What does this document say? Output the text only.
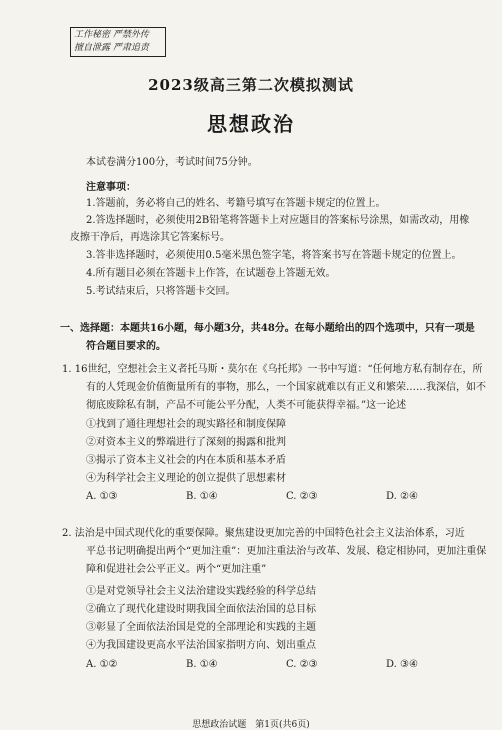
工作秘密 严禁外传
擅自泄露 严肃追责
2023级高三第二次模拟测试
思想政治
本试卷满分100分，考试时间75分钟。
注意事项：
1.答题前，务必将自己的姓名、考籍号填写在答题卡规定的位置上。
2.答选择题时，必须使用2B铅笔将答题卡上对应题目的答案标号涂黑，如需改动，用橡
皮擦干净后，再选涂其它答案标号。
3.答非选择题时，必须使用0.5毫米黑色签字笔，将答案书写在答题卡规定的位置上。
4.所有题目必须在答题卡上作答，在试题卷上答题无效。
5.考试结束后，只将答题卡交回。
一、选择题：本题共16小题，每小题3分，共48分。在每小题给出的四个选项中，只有一项是
符合题目要求的。
1. 16世纪，空想社会主义者托马斯・莫尔在《乌托邦》一书中写道：“任何地方私有制存在，所
有的人凭现金价值衡量所有的事物，那么，一个国家就难以有正义和繁荣……我深信，如不
彻底废除私有制，产品不可能公平分配，人类不可能获得幸福。”这一论述
①找到了通往理想社会的现实路径和制度保障
②对资本主义的弊端进行了深刻的揭露和批判
③揭示了资本主义社会的内在本质和基本矛盾
④为科学社会主义理论的创立提供了思想素材
A. ①③	B. ①④	C. ②③	D. ②④
2. 法治是中国式现代化的重要保障。聚焦建设更加完善的中国特色社会主义法治体系，习近
平总书记明确提出两个“更加注重”：更加注重法治与改革、发展、稳定相协同，更加注重保
障和促进社会公平正义。两个“更加注重”
①是对党领导社会主义法治建设实践经验的科学总结
②确立了现代化建设时期我国全面依法治国的总目标
③彰显了全面依法治国是党的全部理论和实践的主题
④为我国建设更高水平法治国家指明方向、划出重点
A. ①②	B. ①④	C. ②③	D. ③④
思想政治试题　第1页(共6页)
